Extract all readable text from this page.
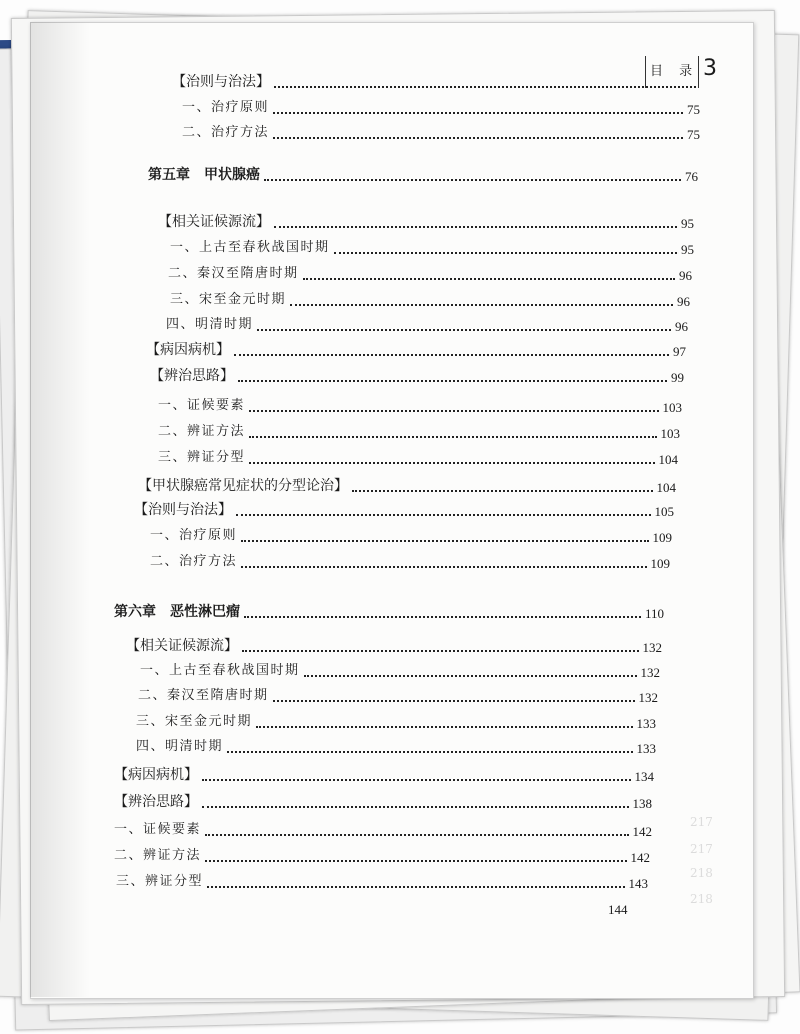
目 录 3
217
217
218
218
【治则与治法】
一、治疗原则	75
二、治疗方法	75
第五章　甲状腺癌	76
【相关证候源流】	95
一、上古至春秋战国时期	95
二、秦汉至隋唐时期	96
三、宋至金元时期	96
四、明清时期	96
【病因病机】	97
【辨治思路】	99
一、证候要素	103
二、辨证方法	103
三、辨证分型	104
【甲状腺癌常见症状的分型论治】	104
【治则与治法】	105
一、治疗原则	109
二、治疗方法	109
第六章　恶性淋巴瘤	110
【相关证候源流】	132
一、上古至春秋战国时期	132
二、秦汉至隋唐时期	132
三、宋至金元时期	133
四、明清时期	133
【病因病机】	134
【辨治思路】	138
一、证候要素	142
二、辨证方法	142
三、辨证分型	143
144
